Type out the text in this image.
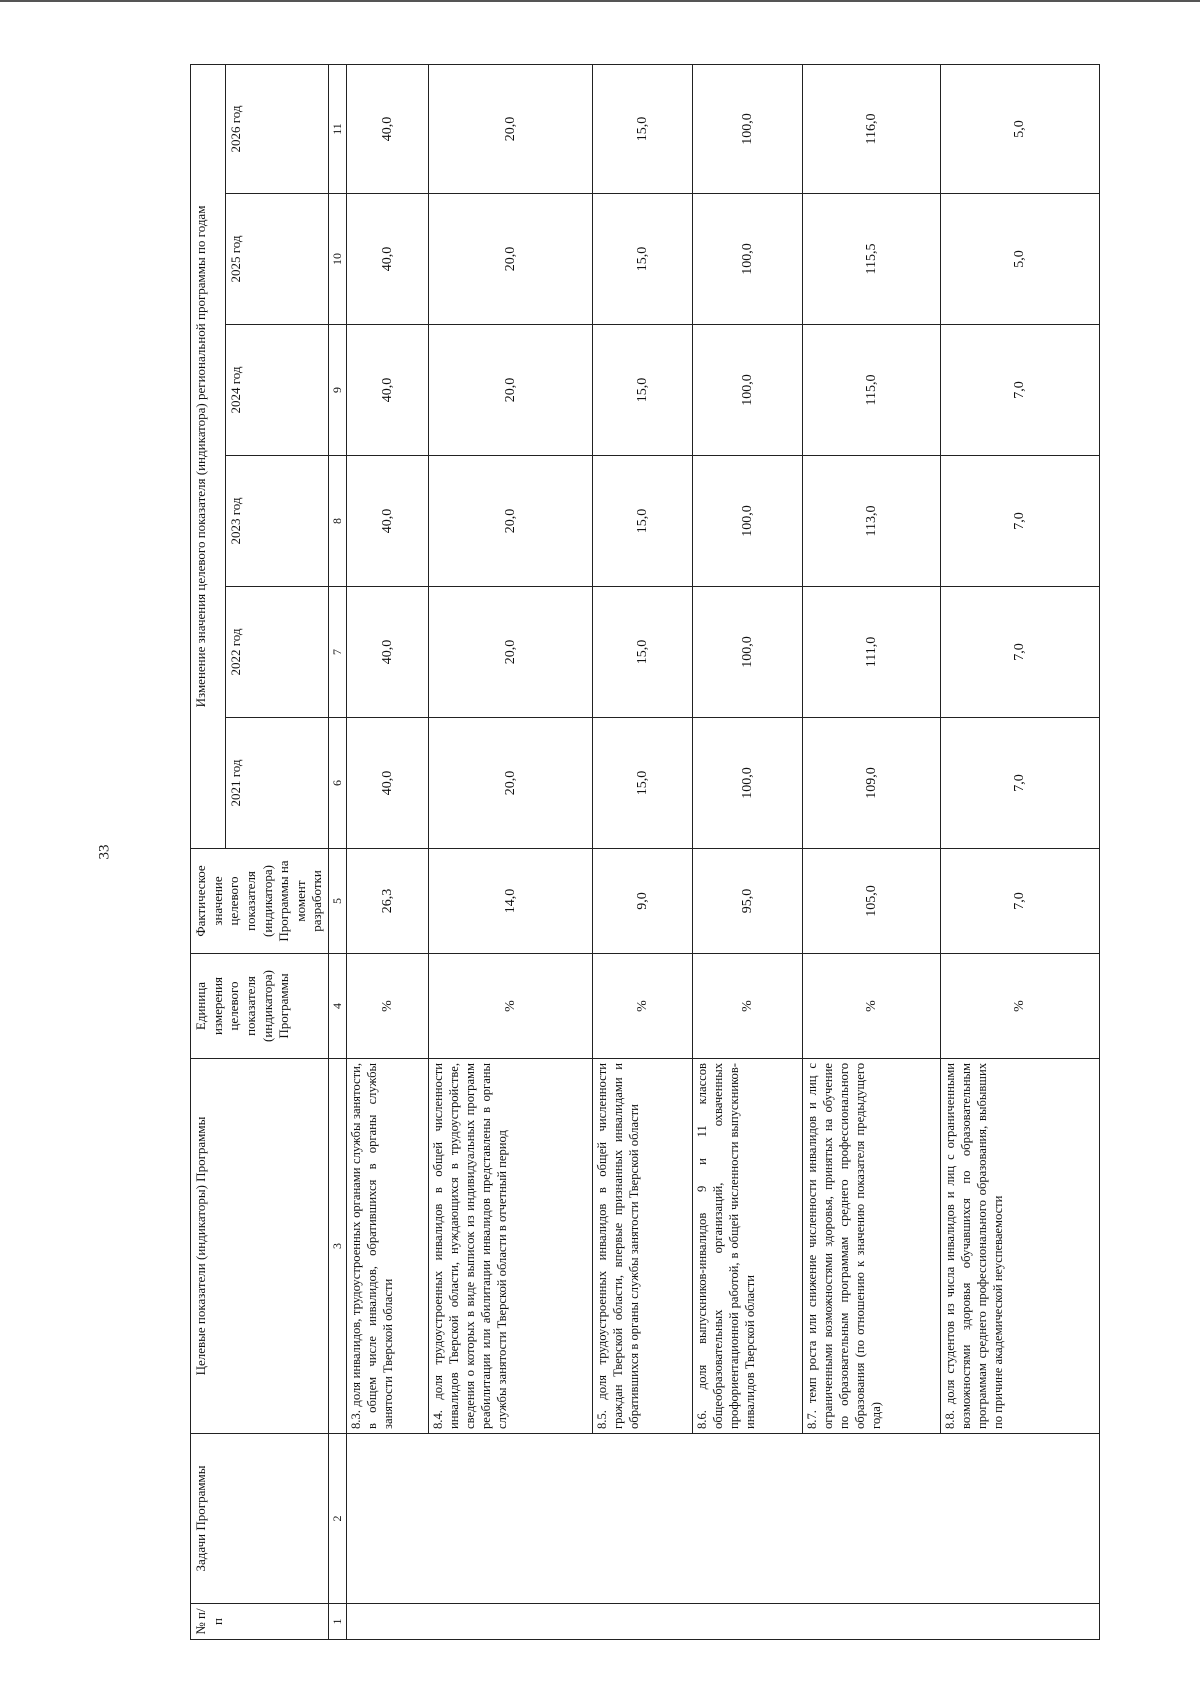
33
№ п/п	Задачи Программы	Целевые показатели (индикаторы) Программы	Единица измерения целевого показателя (индикатора) Программы	Фактическое значение целевого показателя (индикатора) Программы на момент разработки	Изменение значения целевого показателя (индикатора) региональной программы по годам					
					2021 год	2022 год	2023 год	2024 год	2025 год	2026 год
1	2	3	4	5	6	7	8	9	10	11
		8.3. доля инвалидов, трудоустроенных органами службы занятости, в общем числе инвалидов, обратившихся в органы службы занятости Тверской области	%	26,3	40,0	40,0	40,0	40,0	40,0	40,0
		8.4. доля трудоустроенных инвалидов в общей численности инвалидов Тверской области, нуждающихся в трудоустройстве, сведения о которых в виде выписок из индивидуальных программ реабилитации или абилитации инвалидов представлены в органы службы занятости Тверской области в отчетный период	%	14,0	20,0	20,0	20,0	20,0	20,0	20,0
		8.5. доля трудоустроенных инвалидов в общей численности граждан Тверской области, впервые признанных инвалидами и обратившихся в органы службы занятости Тверской области	%	9,0	15,0	15,0	15,0	15,0	15,0	15,0
		8.6. доля выпускников-инвалидов 9 и 11 классов общеобразовательных организаций, охваченных профориентационной работой, в общей численности выпускников-инвалидов Тверской области	%	95,0	100,0	100,0	100,0	100,0	100,0	100,0
		8.7. темп роста или снижение численности инвалидов и лиц с ограниченными возможностями здоровья, принятых на обучение по образовательным программам среднего профессионального образования (по отношению к значению показателя предыдущего года)	%	105,0	109,0	111,0	113,0	115,0	115,5	116,0
		8.8. доля студентов из числа инвалидов и лиц с ограниченными возможностями здоровья обучавшихся по образовательным программам среднего профессионального образования, выбывших по причине академической неуспеваемости	%	7,0	7,0	7,0	7,0	7,0	5,0	5,0
